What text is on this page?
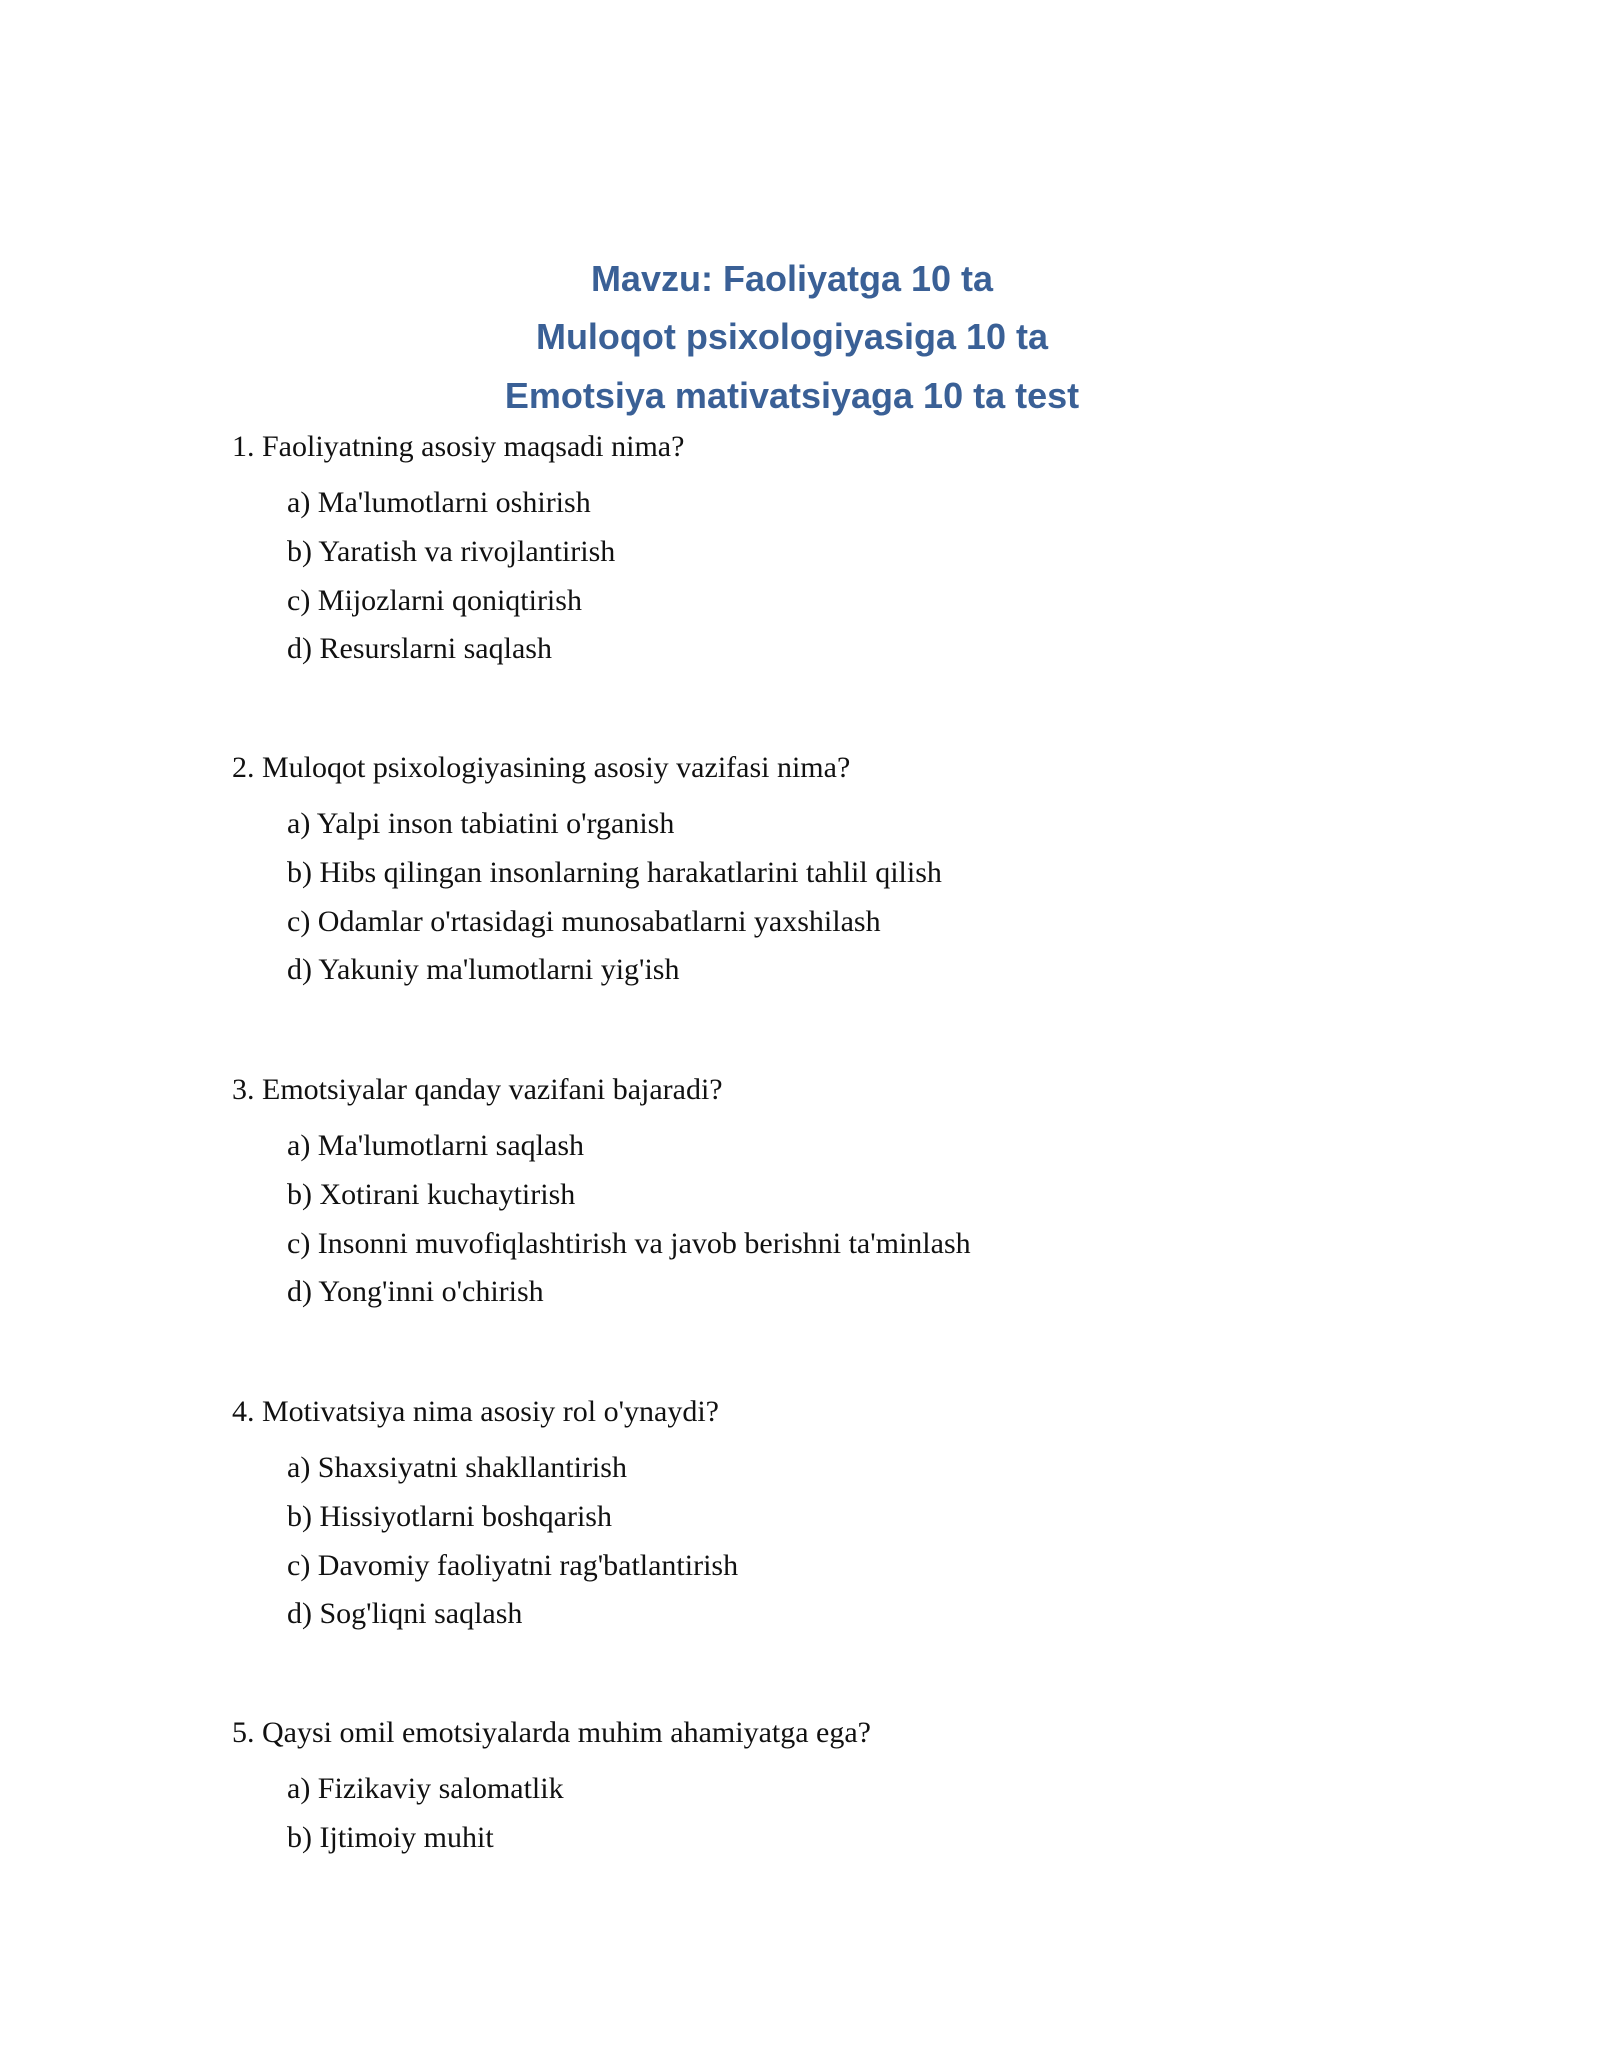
Mavzu: Faoliyatga 10 ta
Muloqot psixologiyasiga 10 ta
Emotsiya mativatsiyaga 10 ta test
1. Faoliyatning asosiy maqsadi nima?
a) Ma'lumotlarni oshirish
b) Yaratish va rivojlantirish
c) Mijozlarni qoniqtirish
d) Resurslarni saqlash
2. Muloqot psixologiyasining asosiy vazifasi nima?
a) Yalpi inson tabiatini o'rganish
b) Hibs qilingan insonlarning harakatlarini tahlil qilish
c) Odamlar o'rtasidagi munosabatlarni yaxshilash
d) Yakuniy ma'lumotlarni yig'ish
3. Emotsiyalar qanday vazifani bajaradi?
a) Ma'lumotlarni saqlash
b) Xotirani kuchaytirish
c) Insonni muvofiqlashtirish va javob berishni ta'minlash
d) Yong'inni o'chirish
4. Motivatsiya nima asosiy rol o'ynaydi?
a) Shaxsiyatni shakllantirish
b) Hissiyotlarni boshqarish
c) Davomiy faoliyatni rag'batlantirish
d) Sog'liqni saqlash
5. Qaysi omil emotsiyalarda muhim ahamiyatga ega?
a) Fizikaviy salomatlik
b) Ijtimoiy muhit
